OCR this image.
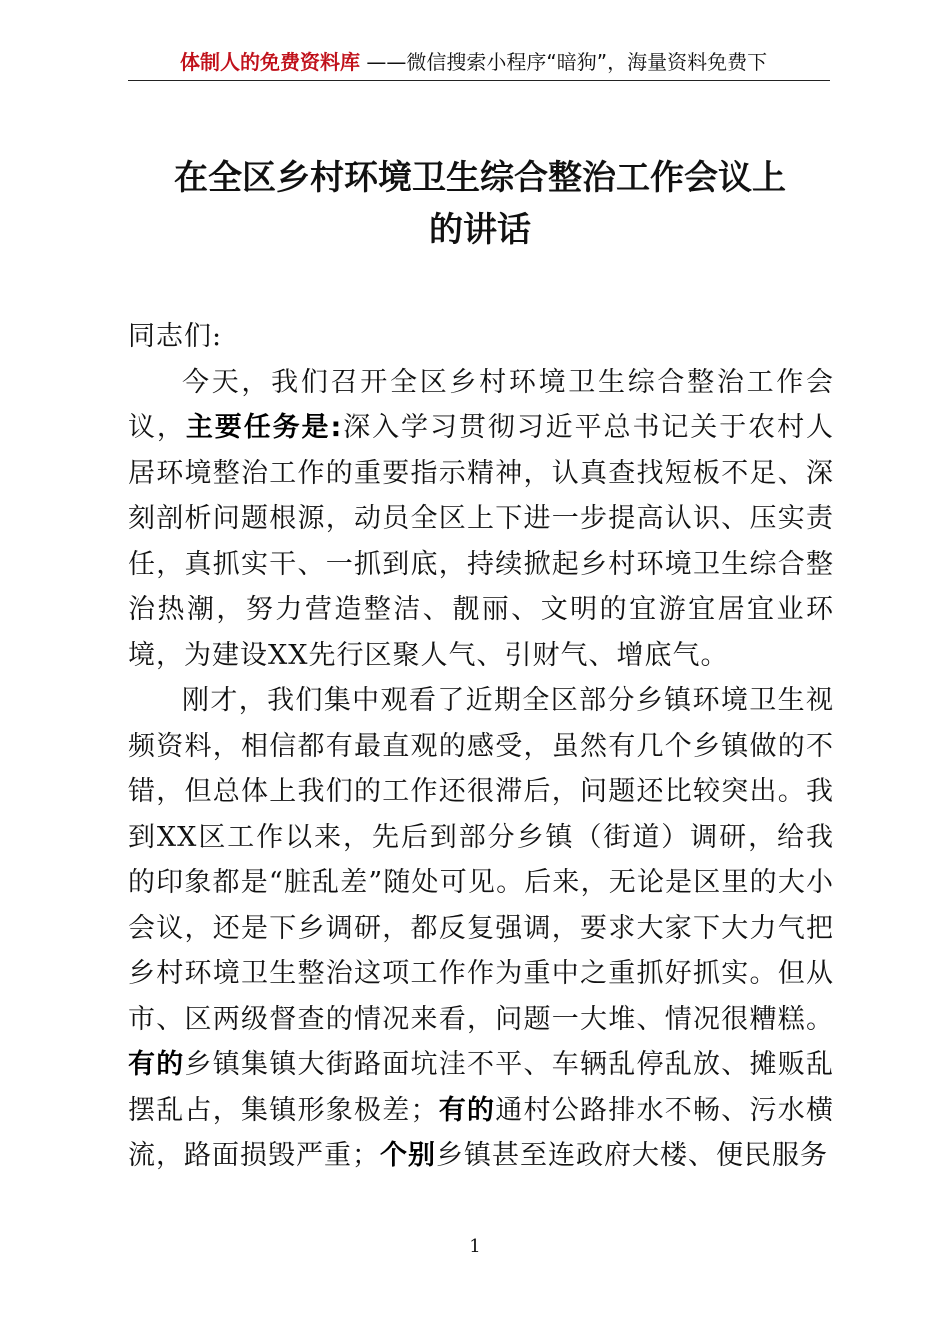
体制人的免费资料库 ——微信搜索小程序“暗狗”，海量资料免费下
在全区乡村环境卫生综合整治工作会议上
的讲话

同志们:

今天，我们召开全区乡村环境卫生综合整治工作会议，主要任务是:深入学习贯彻习近平总书记关于农村人居环境整治工作的重要指示精神，认真查找短板不足、深刻剖析问题根源，动员全区上下进一步提高认识、压实责任，真抓实干、一抓到底，持续掀起乡村环境卫生综合整治热潮，努力营造整洁、靓丽、文明的宜游宜居宜业环境，为建设XX先行区聚人气、引财气、增底气。

刚才，我们集中观看了近期全区部分乡镇环境卫生视频资料，相信都有最直观的感受，虽然有几个乡镇做的不错，但总体上我们的工作还很滞后，问题还比较突出。我到XX区工作以来，先后到部分乡镇（街道）调研，给我的印象都是“脏乱差”随处可见。后来，无论是区里的大小会议，还是下乡调研，都反复强调，要求大家下大力气把乡村环境卫生整治这项工作作为重中之重抓好抓实。但从市、区两级督查的情况来看，问题一大堆、情况很糟糕。有的乡镇集镇大街路面坑洼不平、车辆乱停乱放、摊贩乱摆乱占，集镇形象极差；有的通村公路排水不畅、污水横流，路面损毁严重；个别乡镇甚至连政府大楼、便民服务

1
